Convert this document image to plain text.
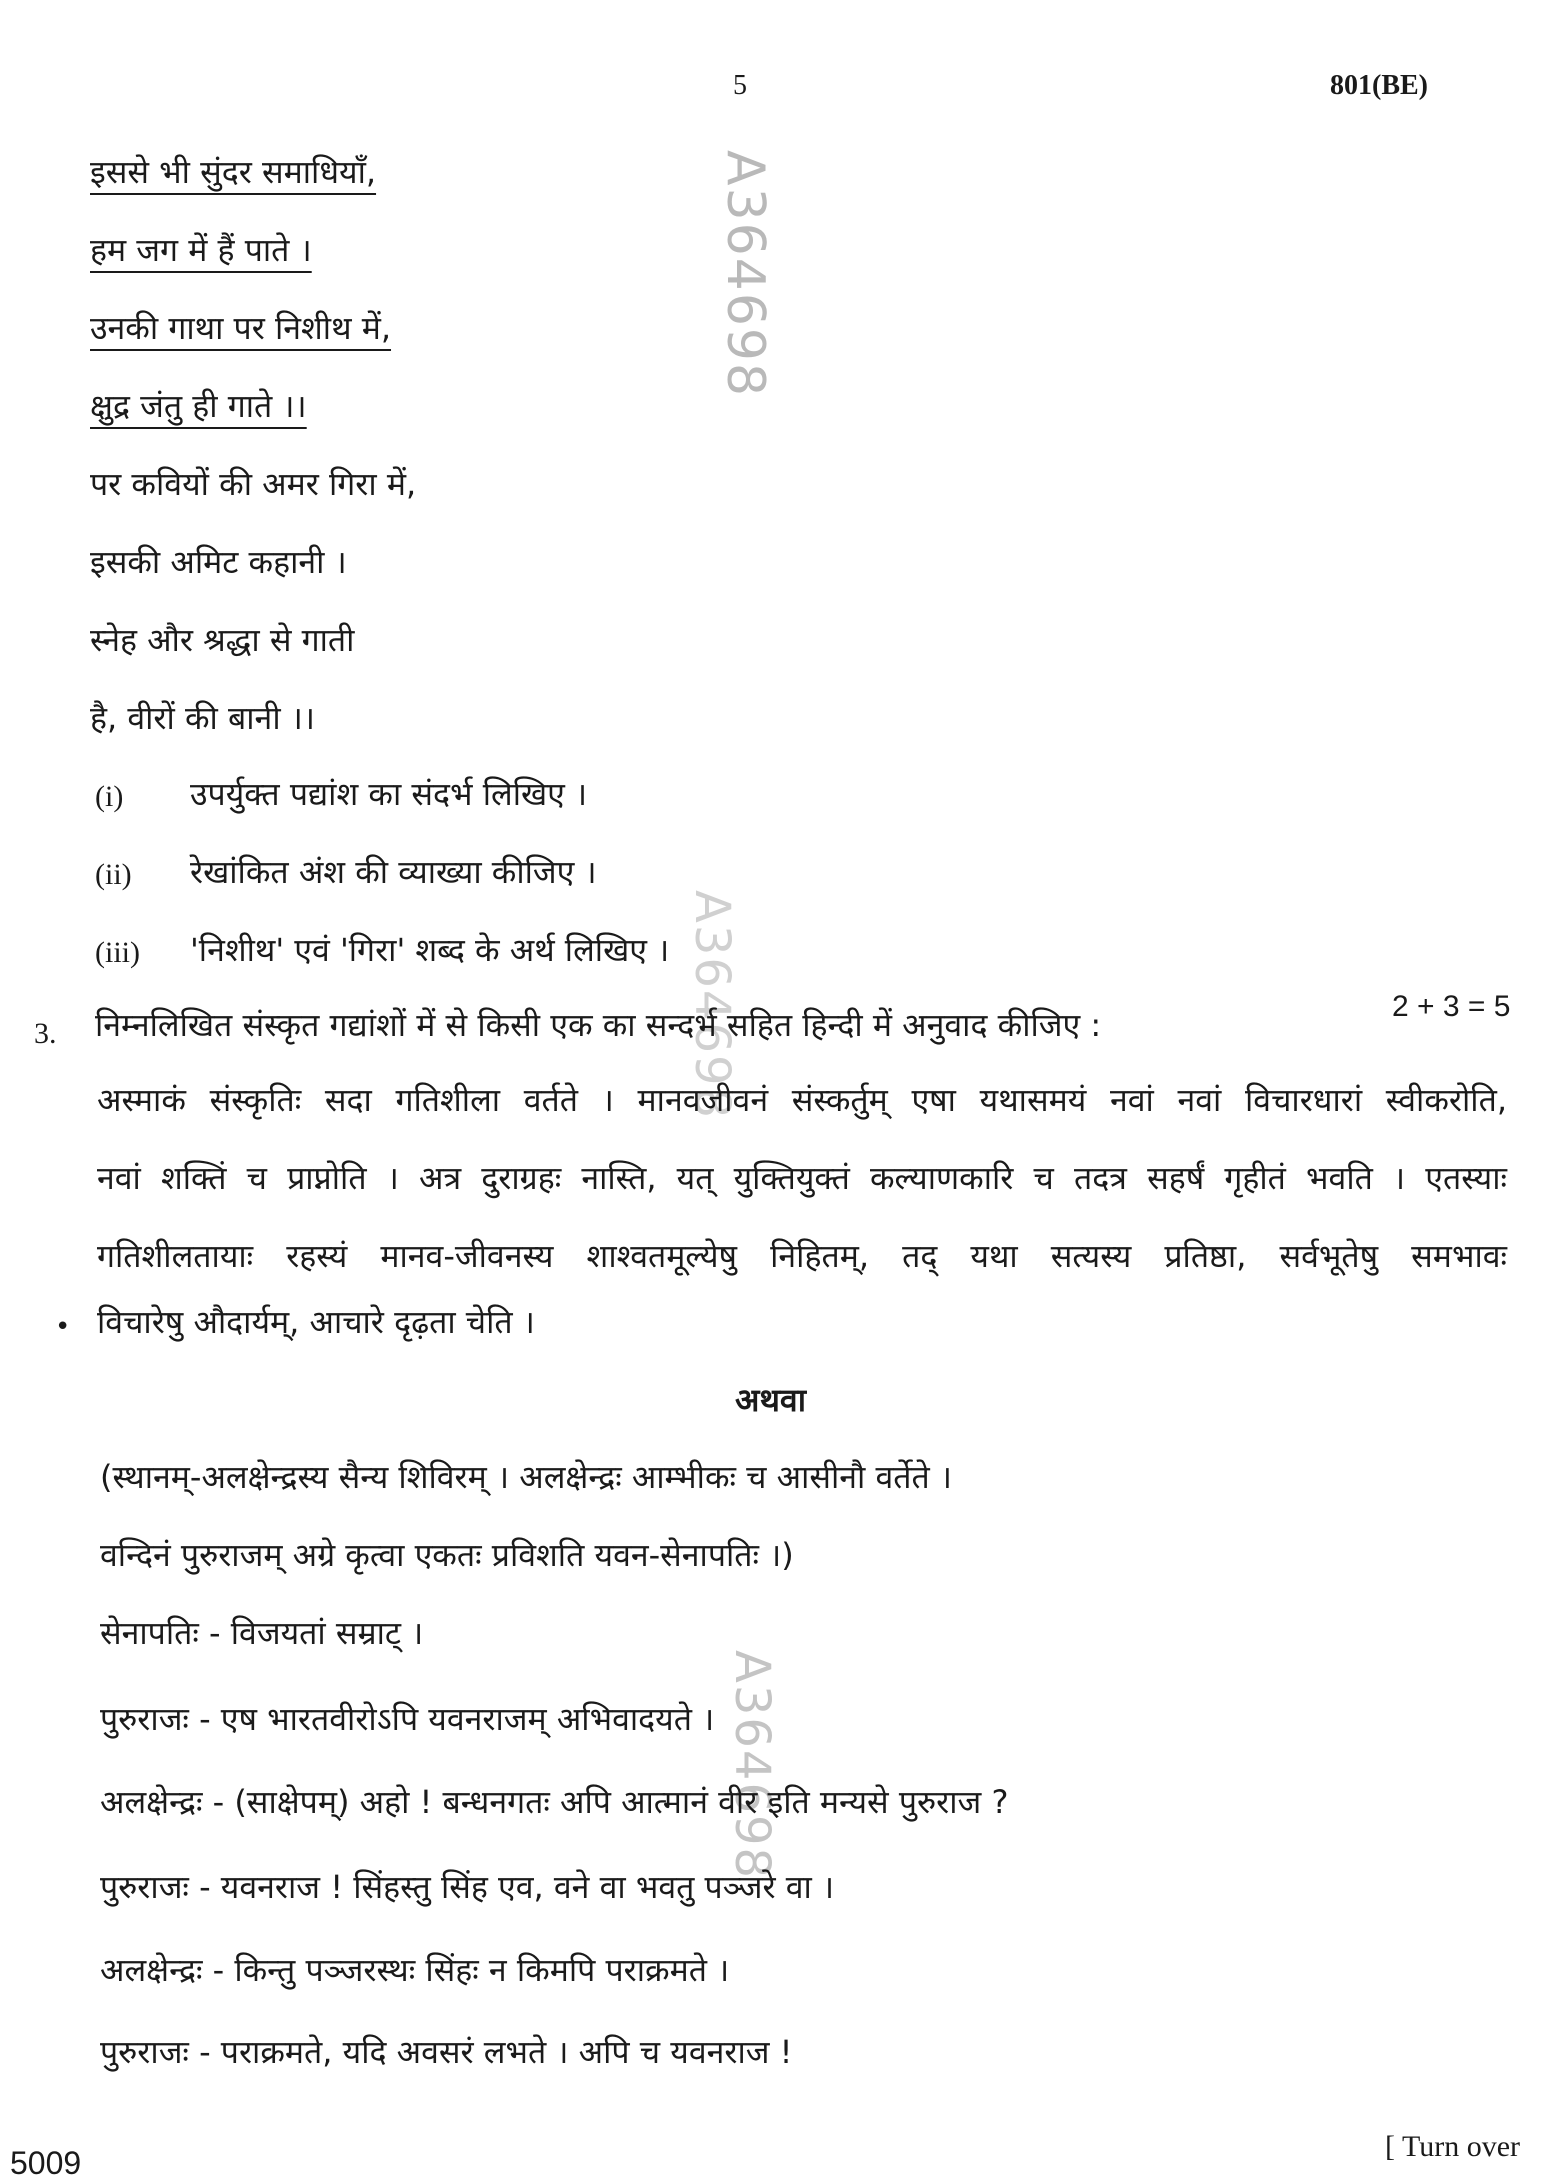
5	801(BE)
A364698
A364698
A364698
इससे भी सुंदर समाधियाँ,
हम जग में हैं पाते ।
उनकी गाथा पर निशीथ में,
क्षुद्र जंतु ही गाते ।।
पर कवियों की अमर गिरा में,
इसकी अमिट कहानी ।
स्नेह और श्रद्धा से गाती
है, वीरों की बानी ।।
(i) उपर्युक्त पद्यांश का संदर्भ लिखिए ।
(ii) रेखांकित अंश की व्याख्या कीजिए ।
(iii) 'निशीथ' एवं 'गिरा' शब्द के अर्थ लिखिए ।
3. निम्नलिखित संस्कृत गद्यांशों में से किसी एक का सन्दर्भ सहित हिन्दी में अनुवाद कीजिए :	2 + 3 = 5
अस्माकं संस्कृतिः सदा गतिशीला वर्तते । मानवजीवनं संस्कर्तुम् एषा यथासमयं नवां नवां विचारधारां स्वीकरोति,
नवां शक्तिं च प्राप्नोति । अत्र दुराग्रहः नास्ति, यत् युक्तियुक्तं कल्याणकारि च तदत्र सहर्षं गृहीतं भवति । एतस्याः
गतिशीलतायाः रहस्यं मानव-जीवनस्य शाश्वतमूल्येषु निहितम्, तद् यथा सत्यस्य प्रतिष्ठा, सर्वभूतेषु समभावः
• विचारेषु औदार्यम्, आचारे दृढ़ता चेति ।
अथवा
(स्थानम्-अलक्षेन्द्रस्य सैन्य शिविरम् । अलक्षेन्द्रः आम्भीकः च आसीनौ वर्तेते ।
वन्दिनं पुरुराजम् अग्रे कृत्वा एकतः प्रविशति यवन-सेनापतिः ।)
सेनापतिः - विजयतां सम्राट् ।
पुरुराजः - एष भारतवीरोऽपि यवनराजम् अभिवादयते ।
अलक्षेन्द्रः - (साक्षेपम्) अहो ! बन्धनगतः अपि आत्मानं वीर इति मन्यसे पुरुराज ?
पुरुराजः - यवनराज ! सिंहस्तु सिंह एव, वने वा भवतु पञ्जरे वा ।
अलक्षेन्द्रः - किन्तु पञ्जरस्थः सिंहः न किमपि पराक्रमते ।
पुरुराजः - पराक्रमते, यदि अवसरं लभते । अपि च यवनराज !
5009	[ Turn over
